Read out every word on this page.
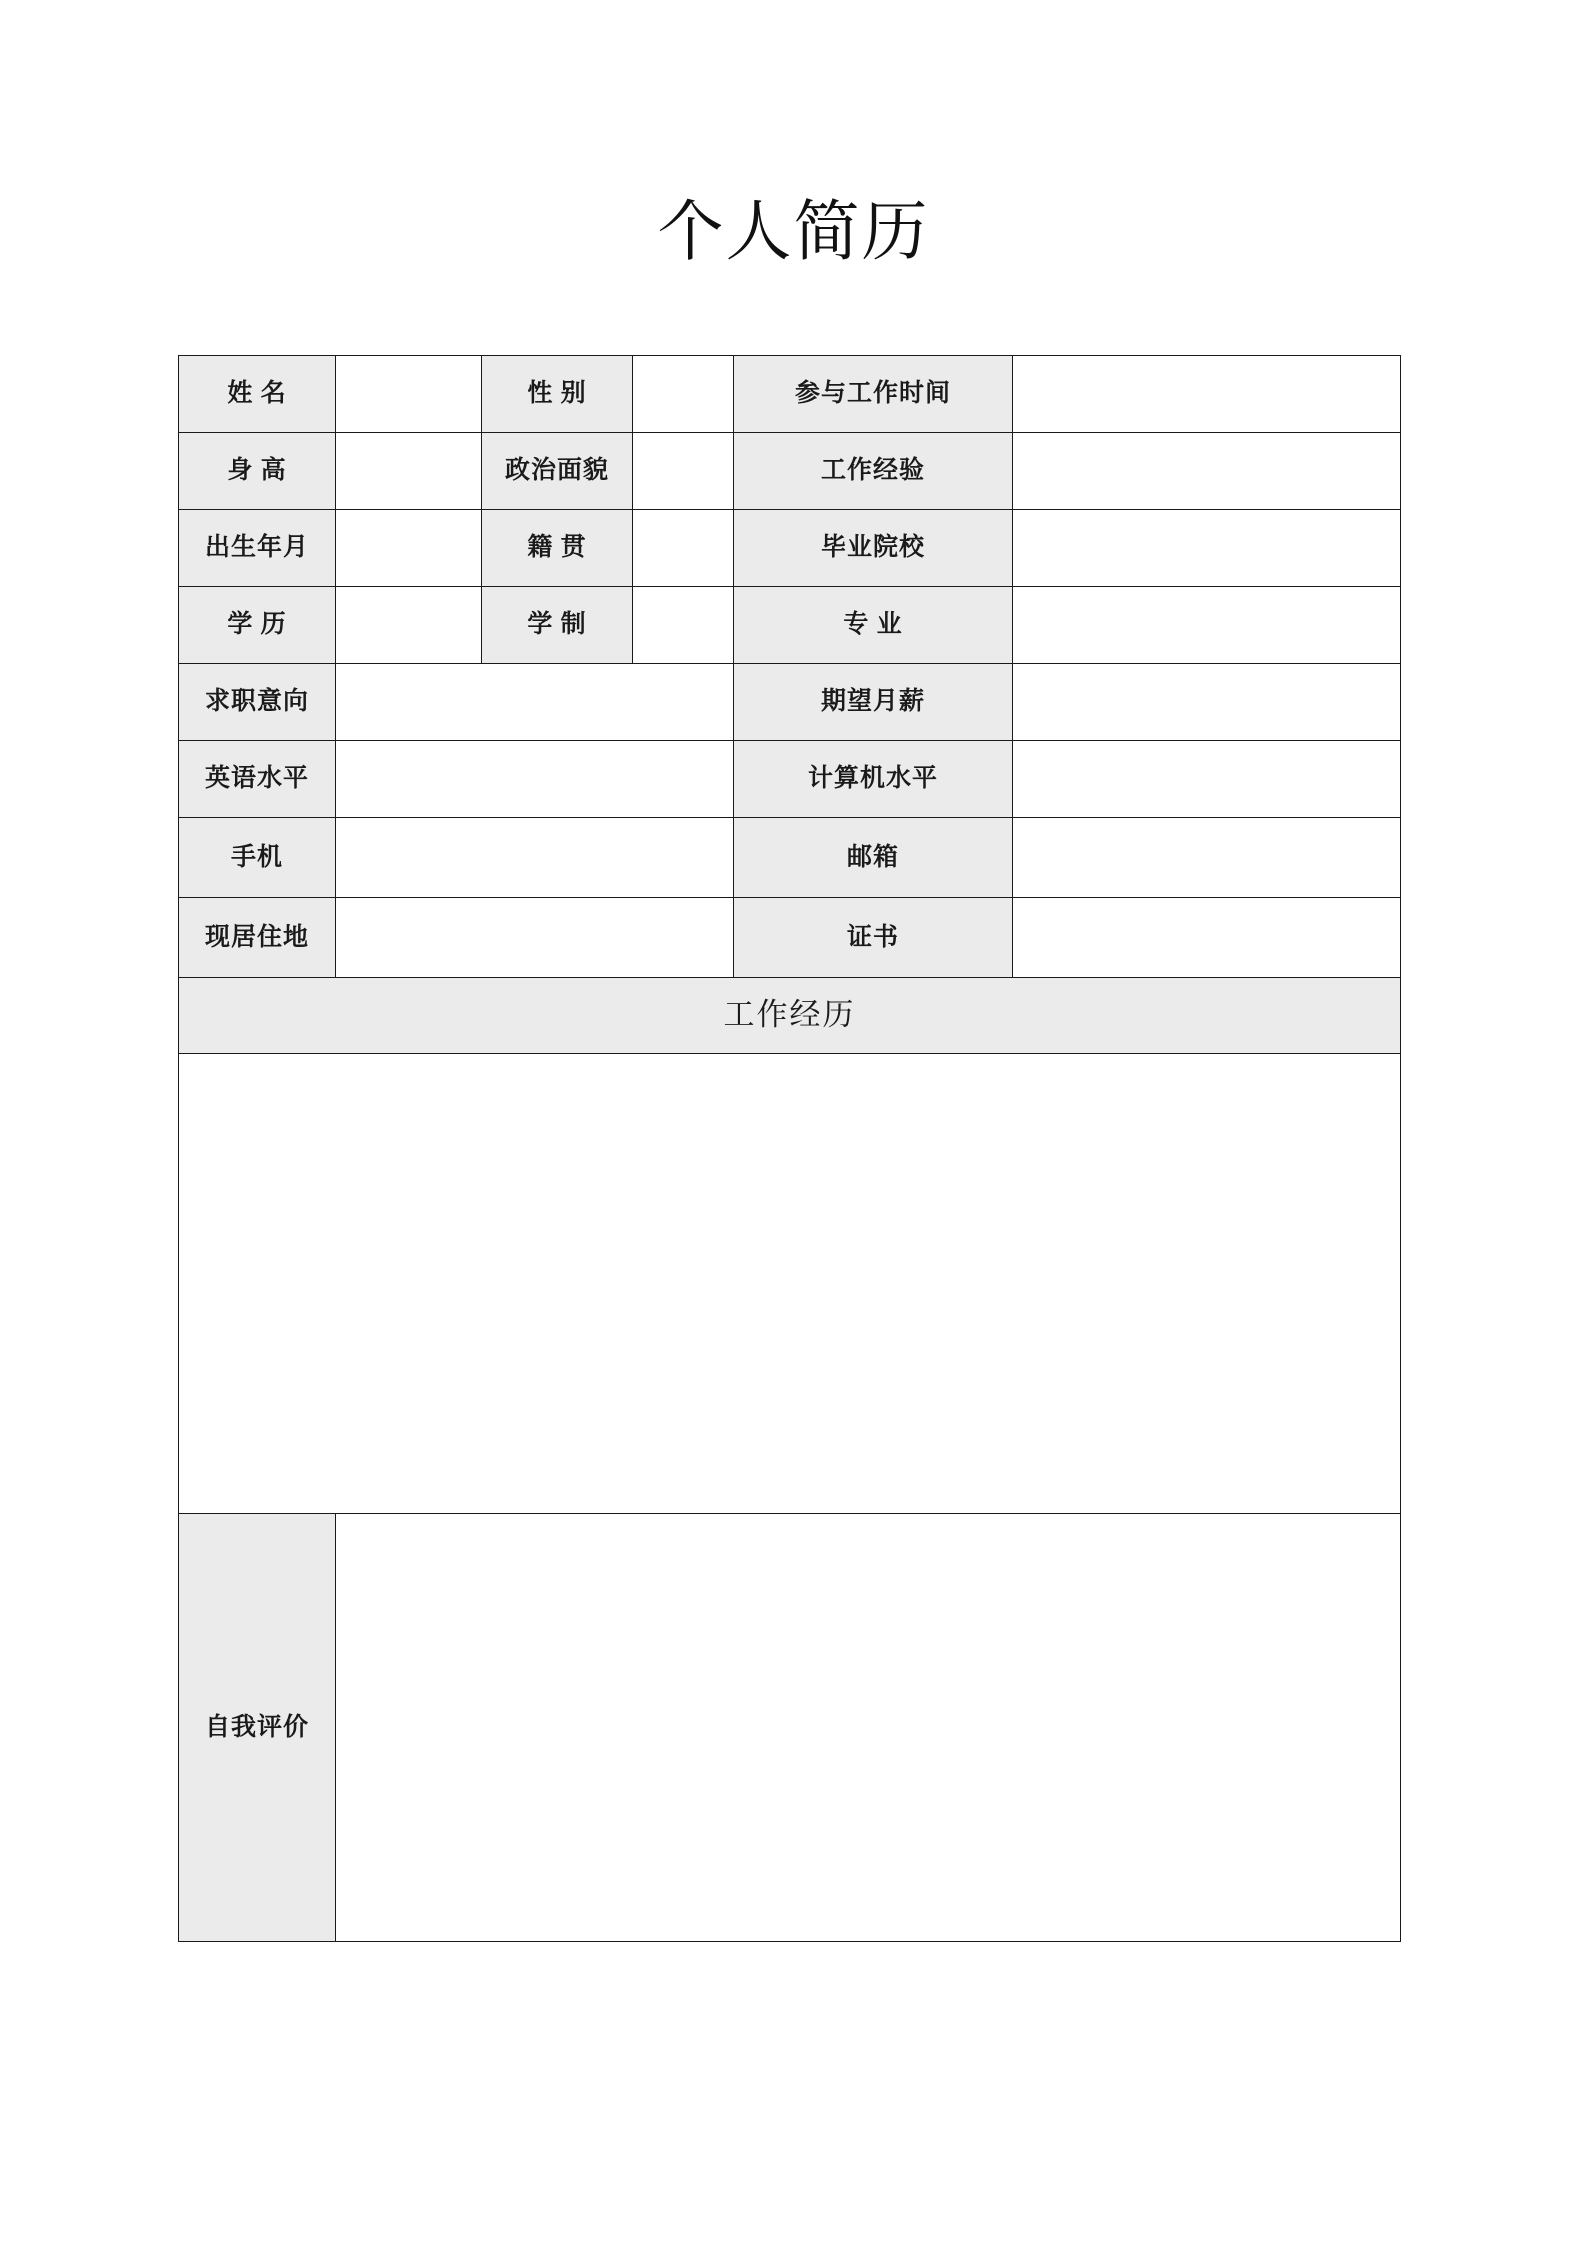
个人简历
姓 名		性 别		参与工作时间	
身 高		政治面貌		工作经验	
出生年月		籍 贯		毕业院校	
学 历		学 制		专 业	
求职意向				期望月薪	
英语水平				计算机水平	
手机				邮箱	
现居住地				证书	
工作经历					

自我评价					
